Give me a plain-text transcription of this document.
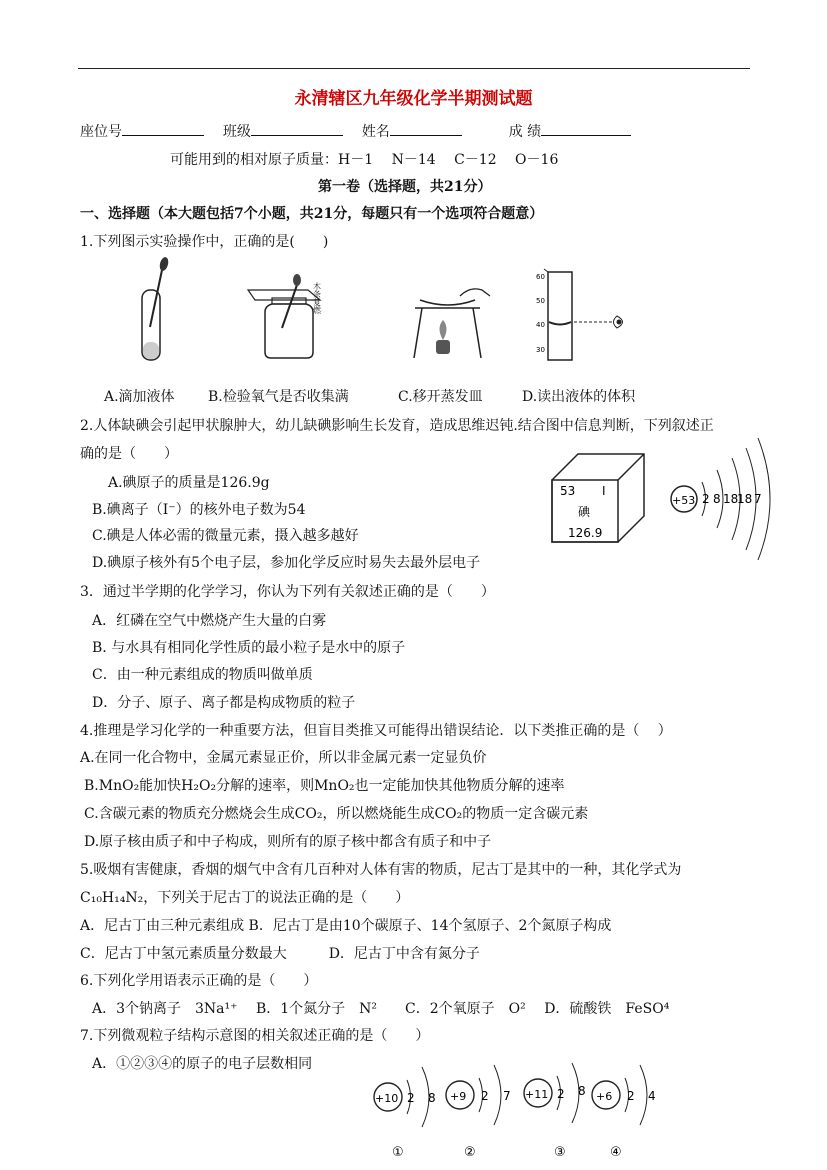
永清辖区九年级化学半期测试题
座位号	班级	姓名	成 绩
可能用到的相对原子质量：H－1　 N－14　 C－12　 O－16
第一卷（选择题，共21分）
一、选择题（本大题包括7个小题，共21分，每题只有一个选项符合题意）
1.下列图示实验操作中，正确的是(　　)
木条复燃
60
50
40
30
A.滴加液体 B.检验氧气是否收集满	C.移开蒸发皿	D.读出液体的体积
2.人体缺碘会引起甲状腺肿大，幼儿缺碘影响生长发育，造成思维迟钝.结合图中信息判断，下列叙述正
确的是（　　）
A.碘原子的质量是126.9g
B.碘离子（I⁻）的核外电子数为54
C.碘是人体必需的微量元素，摄入越多越好
D.碘原子核外有5个电子层，参加化学反应时易失去最外层电子
53 I
碘
126.9
+53 2 8 18
18 7
3．通过半学期的化学学习，你认为下列有关叙述正确的是（　　）
A．红磷在空气中燃烧产生大量的白雾
B. 与水具有相同化学性质的最小粒子是水中的原子
C．由一种元素组成的物质叫做单质
D．分子、原子、离子都是构成物质的粒子
4.推理是学习化学的一种重要方法，但盲目类推又可能得出错误结论．以下类推正确的是（　 ）
A.在同一化合物中，金属元素显正价，所以非金属元素一定显负价
B.MnO₂能加快H₂O₂分解的速率，则MnO₂也一定能加快其他物质分解的速率
C.含碳元素的物质充分燃烧会生成CO₂，所以燃烧能生成CO₂的物质一定含碳元素
D.原子核由质子和中子构成，则所有的原子核中都含有质子和中子
5.吸烟有害健康，香烟的烟气中含有几百种对人体有害的物质，尼古丁是其中的一种，其化学式为
C₁₀H₁₄N₂，下列关于尼古丁的说法正确的是（　　）
A．尼古丁由三种元素组成 B．尼古丁是由10个碳原子、14个氢原子、2个氮原子构成
C．尼古丁中氢元素质量分数最大　　　D．尼古丁中含有氮分子
6.下列化学用语表示正确的是（　　）
A．3个钠离子　3Na¹⁺　 B．1个氮分子　N²　　C．2个氧原子　O²　 D．硫酸铁　FeSO⁴
7.下列微观粒子结构示意图的相关叙述正确的是（　　）
A．①②③④的原子的电子层数相同
+10 2 8
①
+9 2 7
②
+11 2 8
③
+6 2 4
④
